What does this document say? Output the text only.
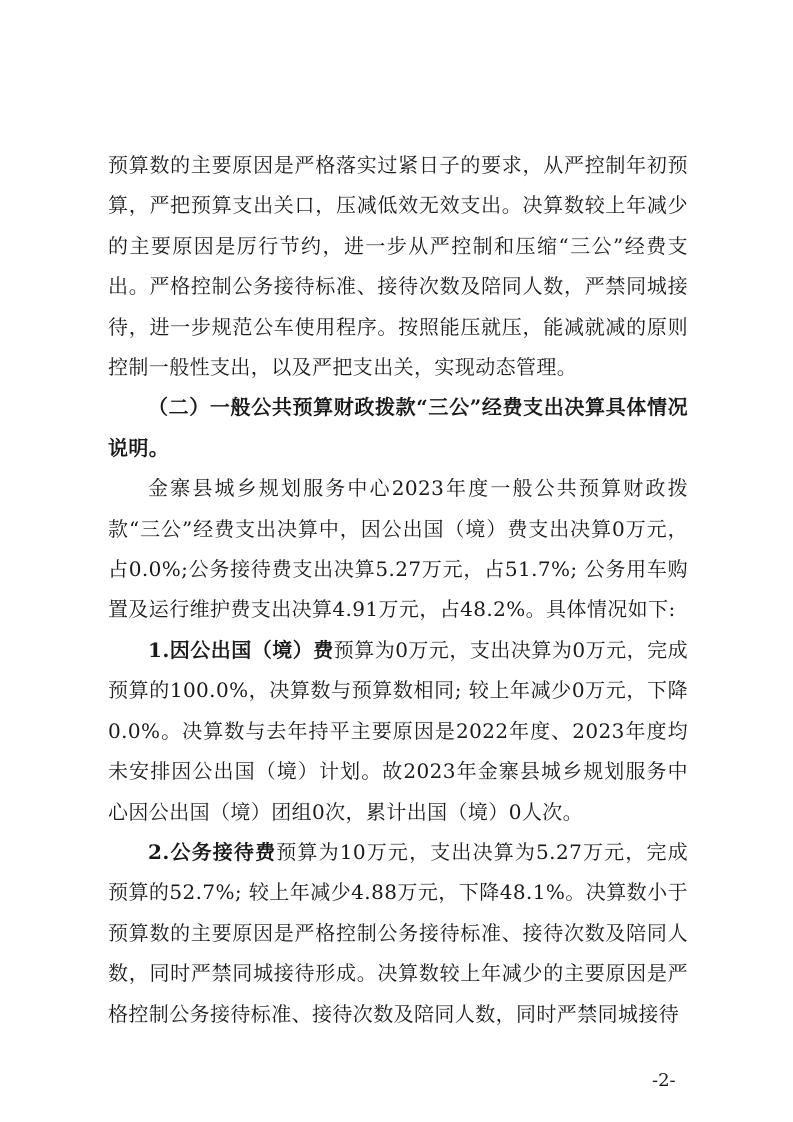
预算数的主要原因是严格落实过紧日子的要求，从严控制年初预算，严把预算支出关口，压减低效无效支出。决算数较上年减少的主要原因是厉行节约，进一步从严控制和压缩“三公”经费支出。严格控制公务接待标准、接待次数及陪同人数，严禁同城接待，进一步规范公车使用程序。按照能压就压，能减就减的原则控制一般性支出，以及严把支出关，实现动态管理。

（二）一般公共预算财政拨款“三公”经费支出决算具体情况说明。

金寨县城乡规划服务中心2023年度一般公共预算财政拨款“三公”经费支出决算中，因公出国（境）费支出决算0万元，占0.0%;公务接待费支出决算5.27万元，占51.7%; 公务用车购置及运行维护费支出决算4.91万元，占48.2%。具体情况如下:

1.因公出国（境）费预算为0万元，支出决算为0万元，完成预算的100.0%，决算数与预算数相同; 较上年减少0万元，下降0.0%。决算数与去年持平主要原因是2022年度、2023年度均未安排因公出国（境）计划。故2023年金寨县城乡规划服务中心因公出国（境）团组0次，累计出国（境）0人次。

2.公务接待费预算为10万元，支出决算为5.27万元，完成预算的52.7%; 较上年减少4.88万元，下降48.1%。决算数小于预算数的主要原因是严格控制公务接待标准、接待次数及陪同人数，同时严禁同城接待形成。决算数较上年减少的主要原因是严格控制公务接待标准、接待次数及陪同人数，同时严禁同城接待

-2-
